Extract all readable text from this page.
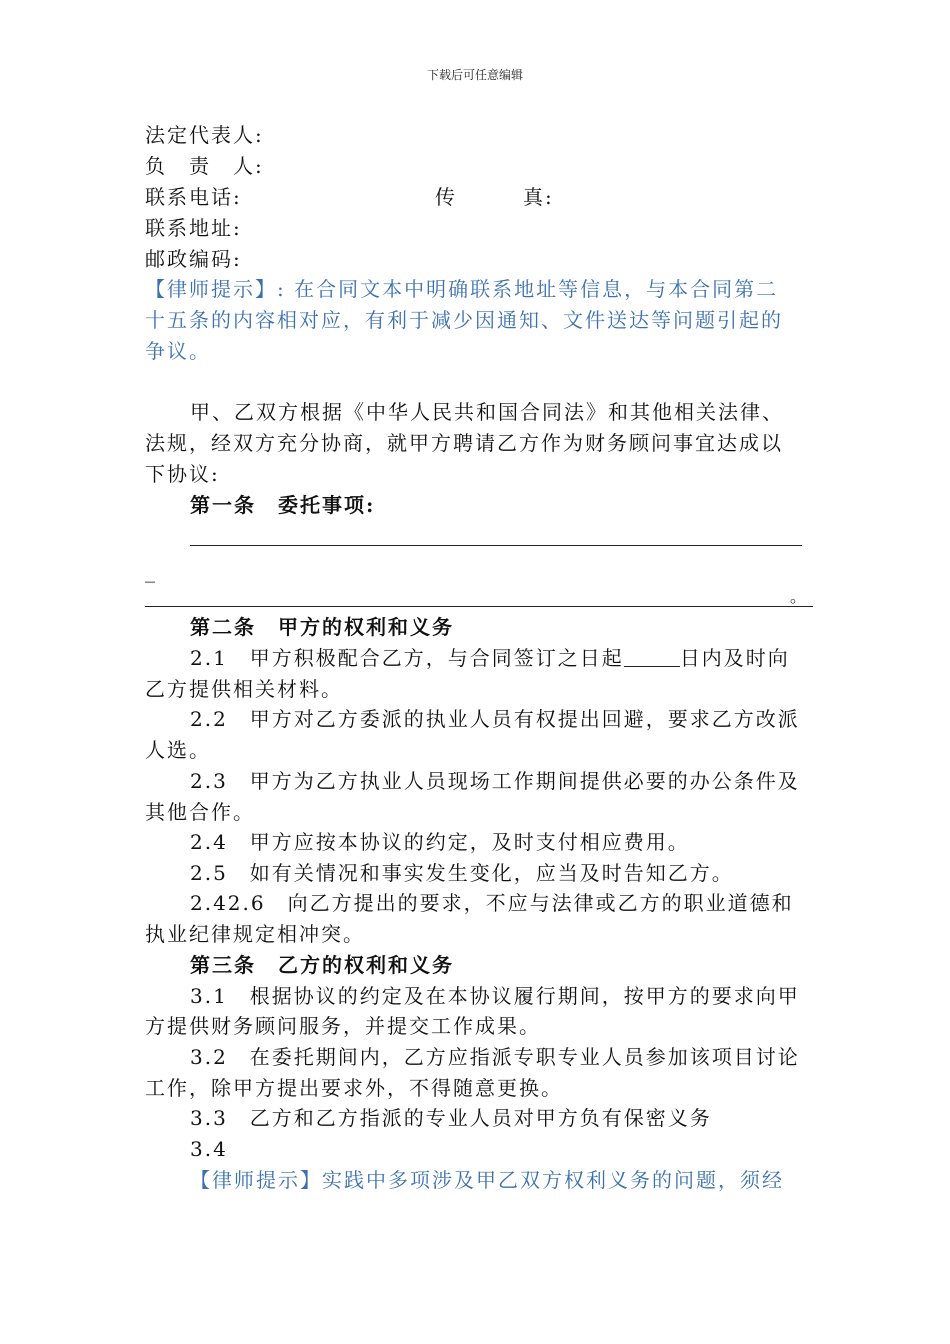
下载后可任意编辑
法定代表人:
负　责　人:
联系电话:	传　　　真:
联系地址:
邮政编码:
【律师提示】: 在合同文本中明确联系地址等信息，与本合同第二
十五条的内容相对应，有利于减少因通知、文件送达等问题引起的
争议。
甲、乙双方根据《中华人民共和国合同法》和其他相关法律、
法规，经双方充分协商，就甲方聘请乙方作为财务顾问事宜达成以
下协议:
第一条　委托事项:
_
。
第二条　甲方的权利和义务
2.1　甲方积极配合乙方，与合同签订之日起	日内及时向
乙方提供相关材料。
2.2　甲方对乙方委派的执业人员有权提出回避，要求乙方改派
人选。
2.3　甲方为乙方执业人员现场工作期间提供必要的办公条件及
其他合作。
2.4　甲方应按本协议的约定，及时支付相应费用。
2.5　如有关情况和事实发生变化，应当及时告知乙方。
2.42.6　向乙方提出的要求，不应与法律或乙方的职业道德和
执业纪律规定相冲突。
第三条　乙方的权利和义务
3.1　根据协议的约定及在本协议履行期间，按甲方的要求向甲
方提供财务顾问服务，并提交工作成果。
3.2　在委托期间内，乙方应指派专职专业人员参加该项目讨论
工作，除甲方提出要求外，不得随意更换。
3.3　乙方和乙方指派的专业人员对甲方负有保密义务
3.4
【律师提示】实践中多项涉及甲乙双方权利义务的问题，须经
